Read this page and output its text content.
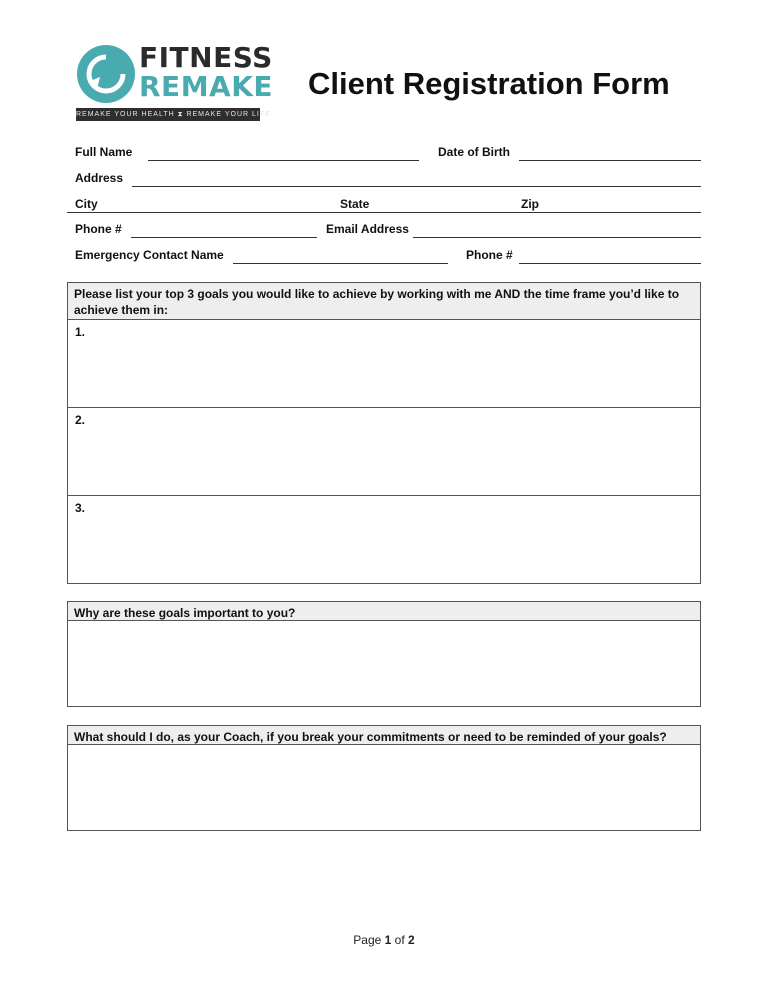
FITNESS
REMAKE
REMAKE YOUR HEALTH ⧗ REMAKE YOUR LIFE
Client Registration Form
Full Name	Date of Birth
Address
City	State	Zip
Phone #	Email Address
Emergency Contact Name	Phone #
Please list your top 3 goals you would like to achieve by working with me AND the time frame you’d like to achieve them in:
1.
2.
3.
Why are these goals important to you?
What should I do, as your Coach, if you break your commitments or need to be reminded of your goals?
Page 1 of 2
